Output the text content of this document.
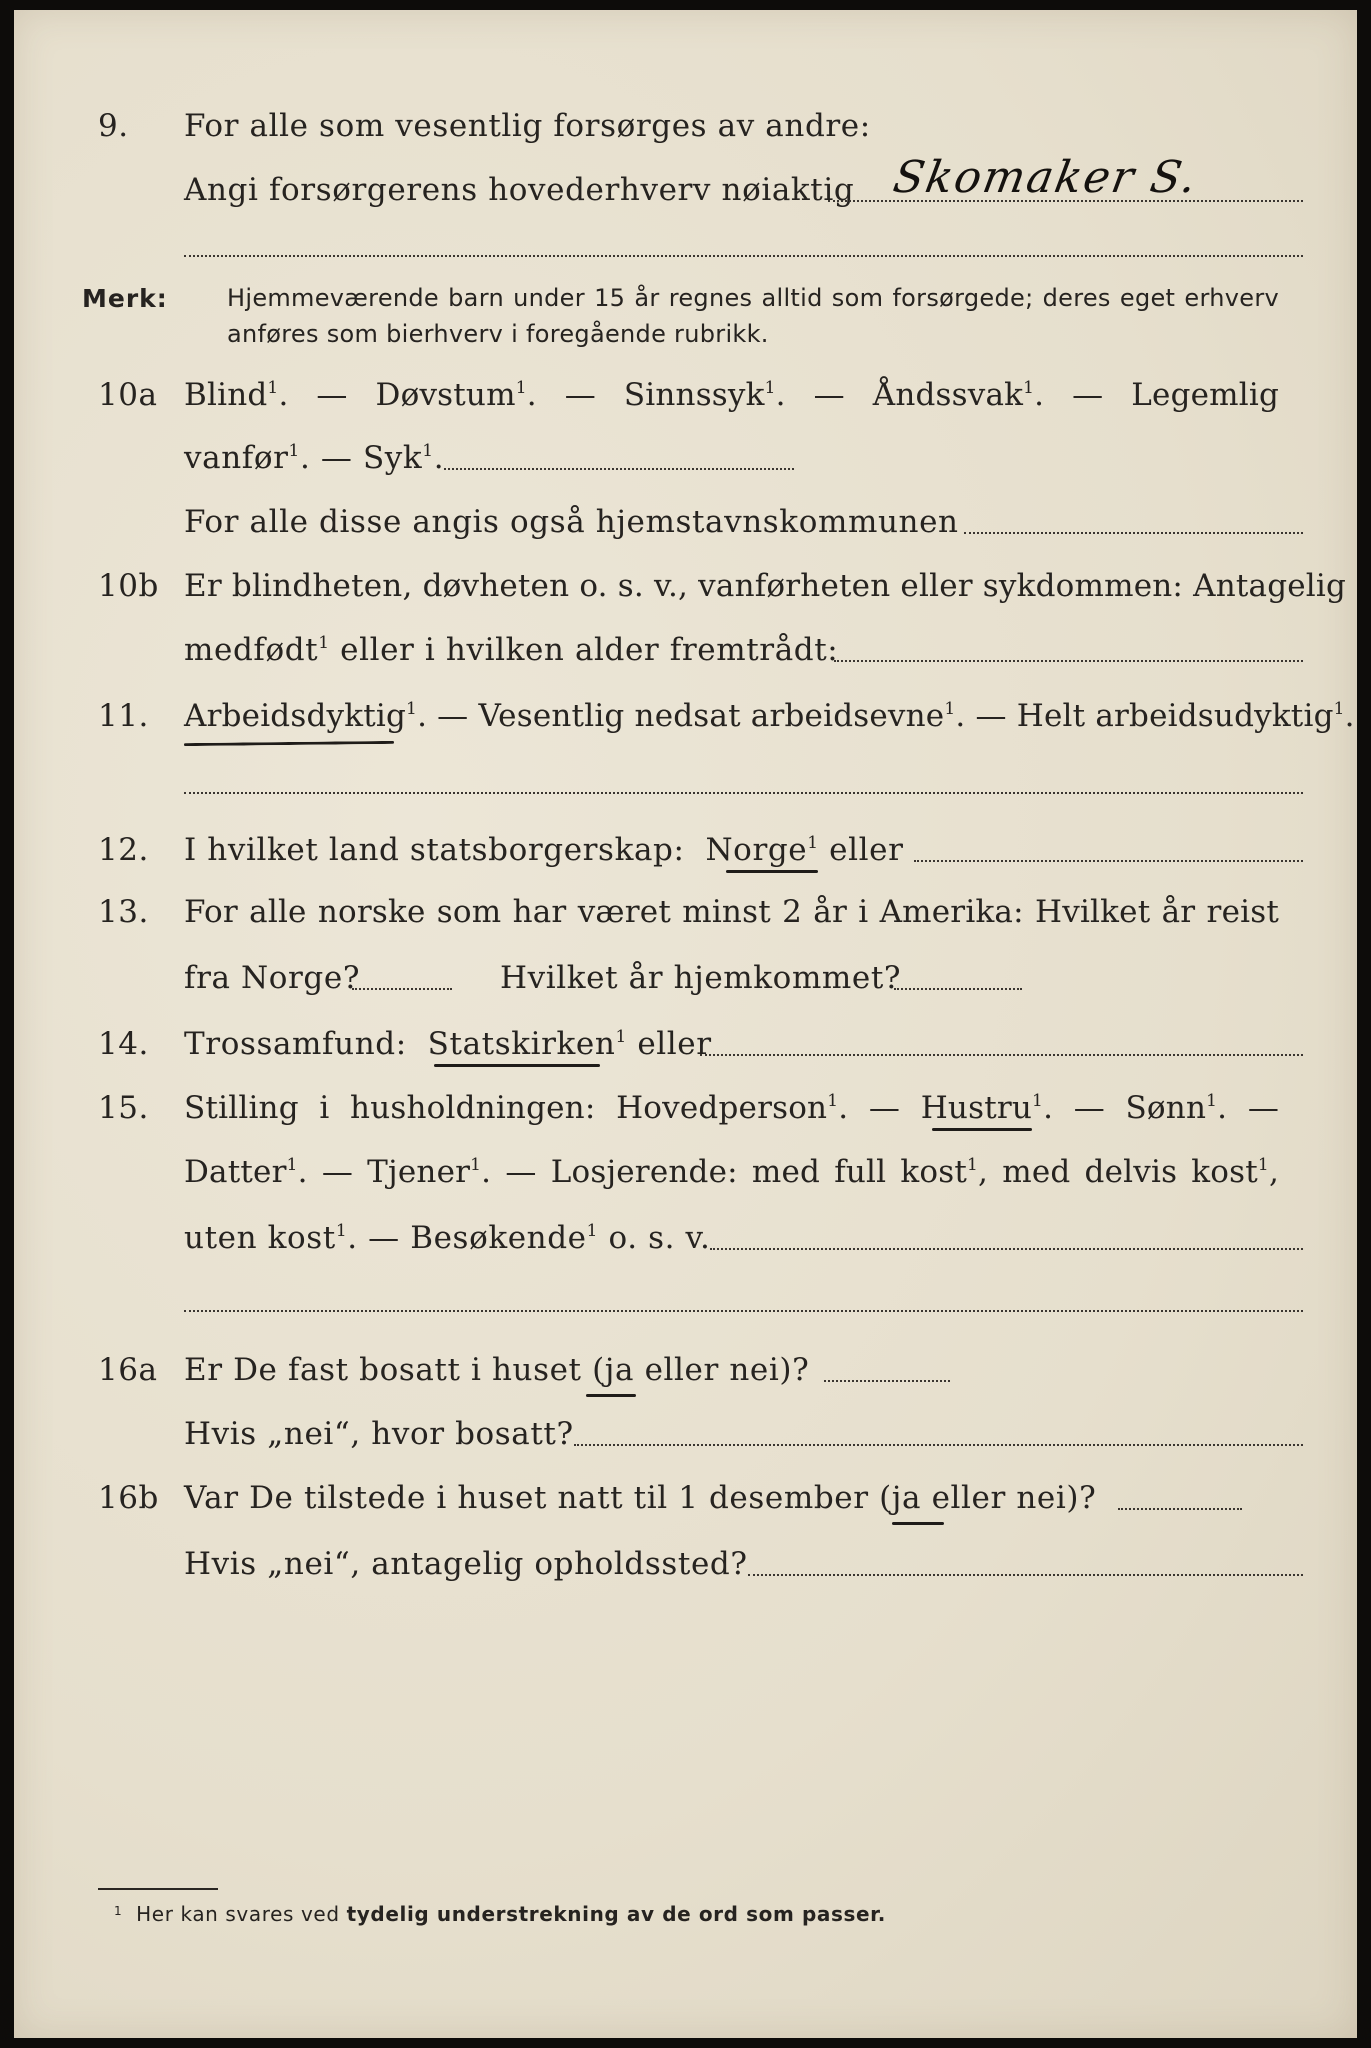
9. For alle som vesentlig forsørges av andre:
Angi forsørgerens hovederhverv nøiaktig Skomaker S.
Merk: Hjemmeværende barn under 15 år regnes alltid som forsørgede; deres eget erhverv
anføres som bierhverv i foregående rubrikk.
10a Blind$^1$. — Døvstum$^1$. — Sinnssyk$^1$. — Åndssvak$^1$. — Legemlig
vanfør$^1$. — Syk$^1$.
For alle disse angis også hjemstavnskommunen
10b Er blindheten, døvheten o. s. v., vanførheten eller sykdommen: Antagelig
medfødt$^1$ eller i hvilken alder fremtrådt:
11. Arbeidsdyktig$^1$. — Vesentlig nedsat arbeidsevne$^1$. — Helt arbeidsudyktig$^1$.
12. I hvilket land statsborgerskap: Norge$^1$ eller
13. For alle norske som har været minst 2 år i Amerika: Hvilket år reist
fra Norge?	Hvilket år hjemkommet?
14. Trossamfund: Statskirken$^1$ eller
15. Stilling i husholdningen: Hovedperson$^1$. — Hustru$^1$. — Sønn$^1$. —
Datter$^1$. — Tjener$^1$. — Losjerende: med full kost$^1$, med delvis kost$^1$,
uten kost$^1$. — Besøkende$^1$ o. s. v.
16a Er De fast bosatt i huset (ja eller nei)?
Hvis „nei“, hvor bosatt?
16b Var De tilstede i huset natt til 1 desember (ja eller nei)?
Hvis „nei“, antagelig opholdssted?
$^1$ Her kan svares ved tydelig understrekning av de ord som passer.
